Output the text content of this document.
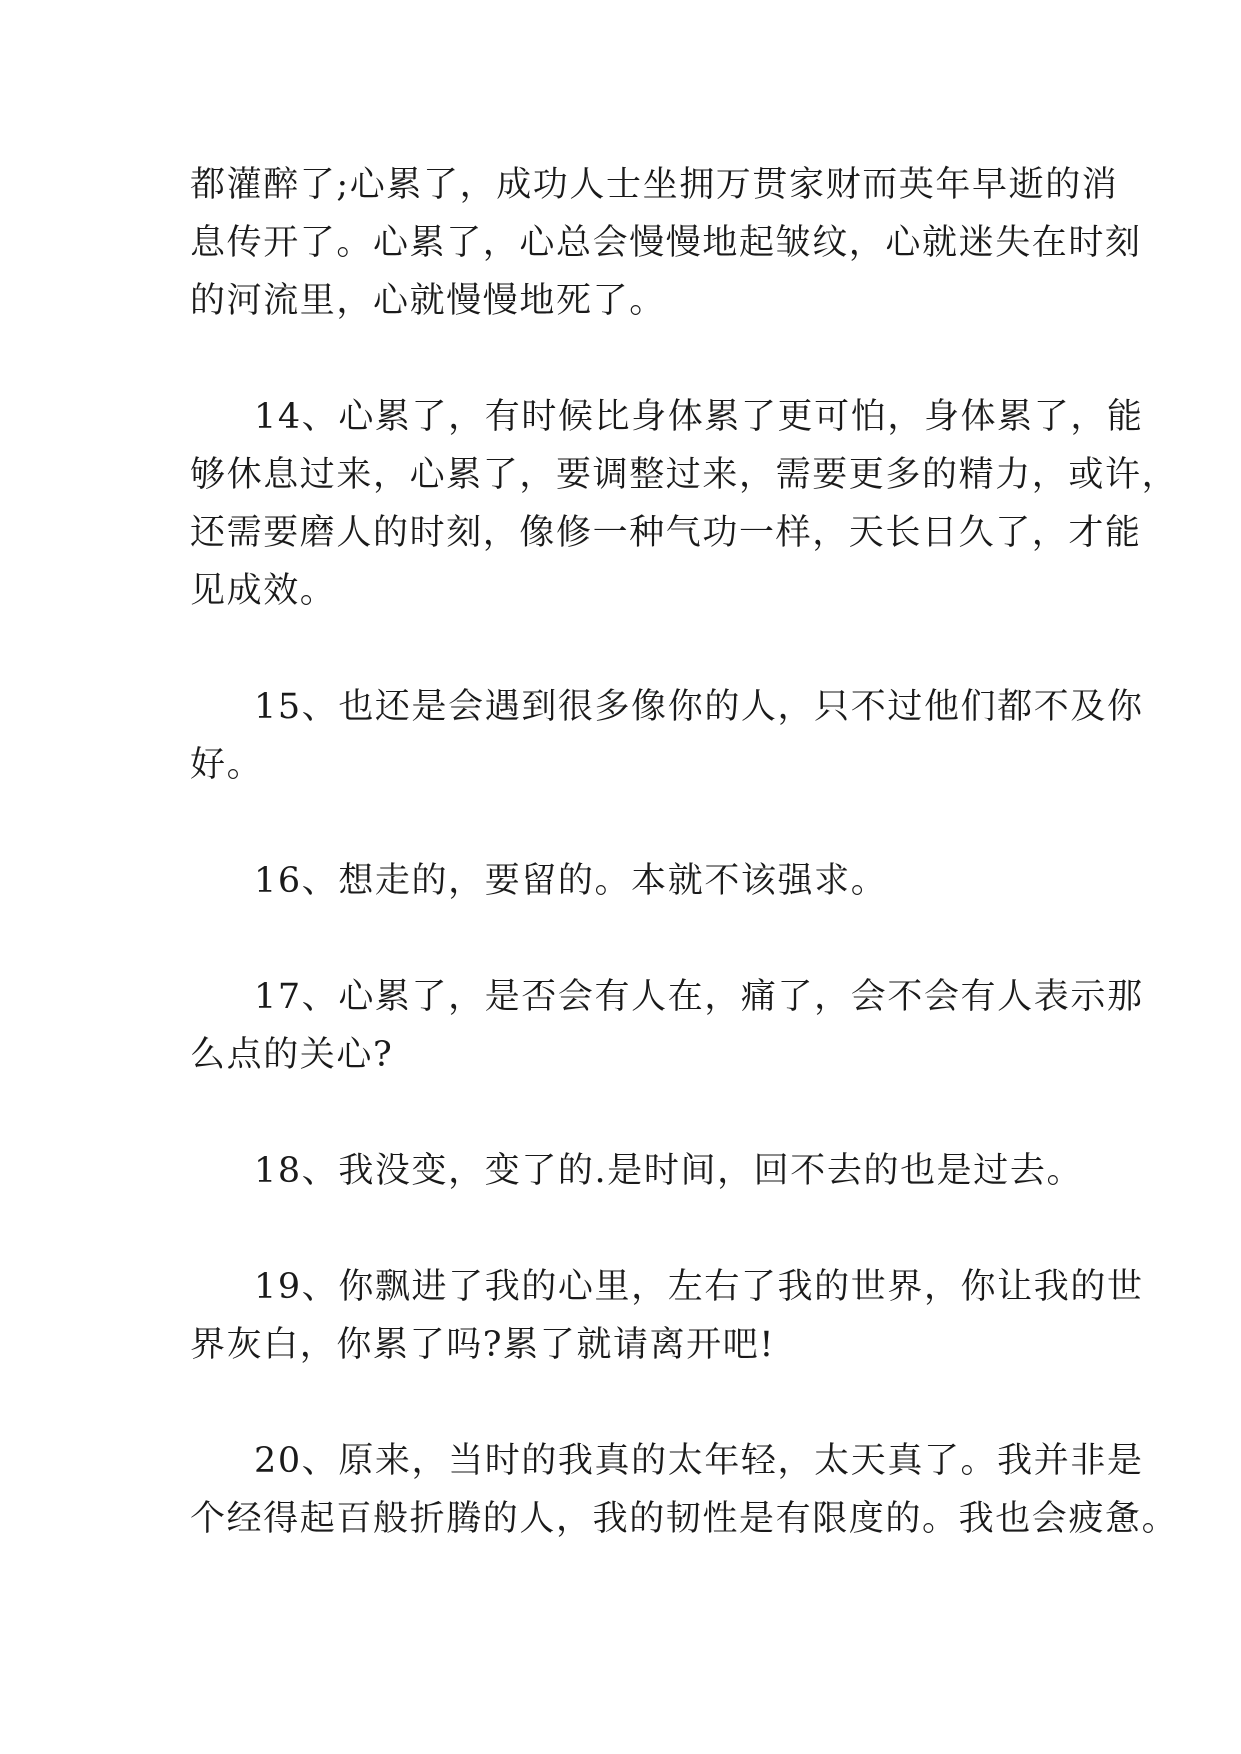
都灌醉了;心累了，成功人士坐拥万贯家财而英年早逝的消
息传开了。心累了，心总会慢慢地起皱纹，心就迷失在时刻
的河流里，心就慢慢地死了。
14、心累了，有时候比身体累了更可怕，身体累了，能
够休息过来，心累了，要调整过来，需要更多的精力，或许，
还需要磨人的时刻，像修一种气功一样，天长日久了，才能
见成效。
15、也还是会遇到很多像你的人，只不过他们都不及你
好。
16、想走的，要留的。本就不该强求。
17、心累了，是否会有人在，痛了，会不会有人表示那
么点的关心?
18、我没变，变了的.是时间，回不去的也是过去。
19、你飘进了我的心里，左右了我的世界，你让我的世
界灰白，你累了吗?累了就请离开吧!
20、原来，当时的我真的太年轻，太天真了。我并非是
个经得起百般折腾的人，我的韧性是有限度的。我也会疲惫。
